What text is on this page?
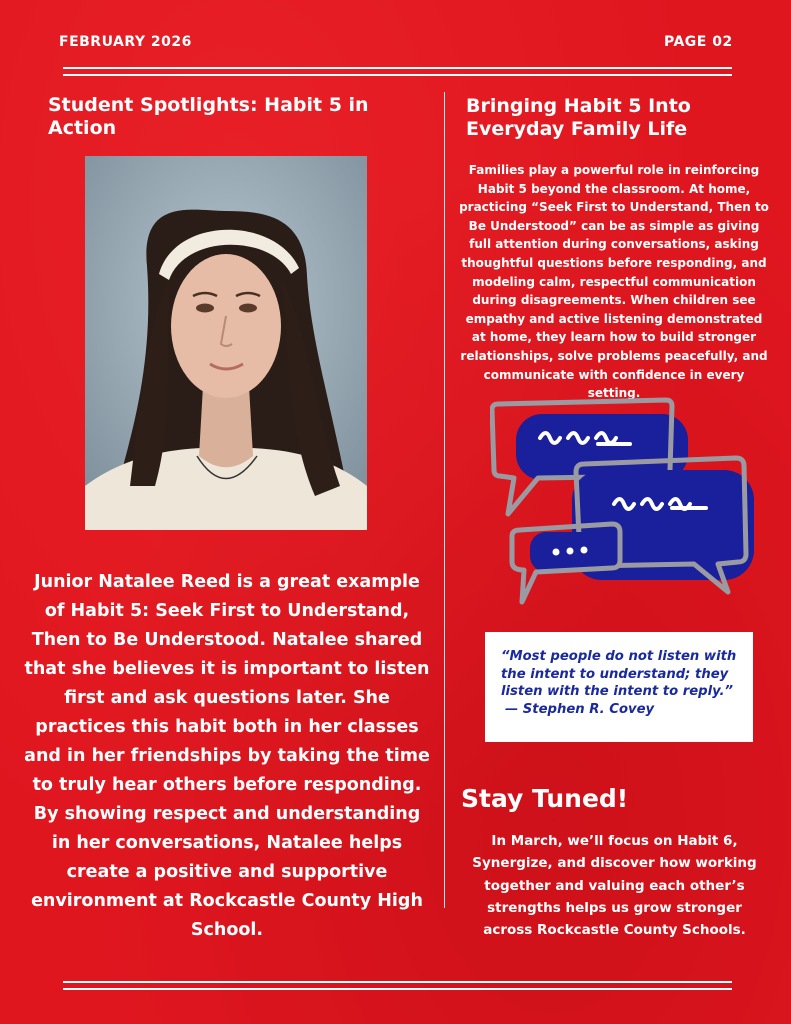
FEBRUARY 2026	PAGE 02
Student Spotlights: Habit 5 in Action
Junior Natalee Reed is a great example of Habit 5: Seek First to Understand, Then to Be Understood. Natalee shared that she believes it is important to listen first and ask questions later. She practices this habit both in her classes and in her friendships by taking the time to truly hear others before responding. By showing respect and understanding in her conversations, Natalee helps create a positive and supportive environment at Rockcastle County High School.
Bringing Habit 5 Into
Everyday Family Life
Families play a powerful role in reinforcing Habit 5 beyond the classroom. At home, practicing “Seek First to Understand, Then to Be Understood” can be as simple as giving full attention during conversations, asking thoughtful questions before responding, and modeling calm, respectful communication during disagreements. When children see empathy and active listening demonstrated at home, they learn how to build stronger relationships, solve problems peacefully, and communicate with confidence in every setting.
“Most people do not listen with the intent to understand; they listen with the intent to reply.”
— Stephen R. Covey
Stay Tuned!
In March, we’ll focus on Habit 6, Synergize, and discover how working together and valuing each other’s strengths helps us grow stronger across Rockcastle County Schools.
